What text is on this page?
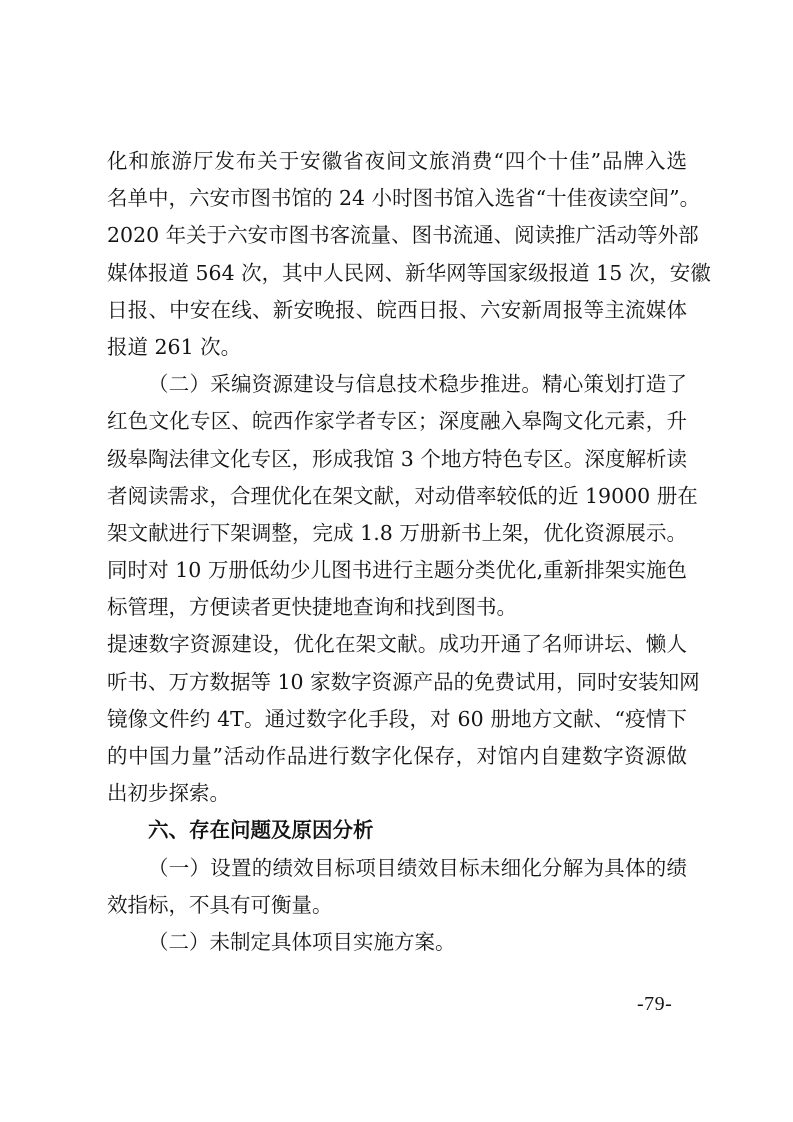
化和旅游厅发布关于安徽省夜间文旅消费“四个十佳”品牌入选
名单中，六安市图书馆的 24 小时图书馆入选省“十佳夜读空间”。
2020 年关于六安市图书客流量、图书流通、阅读推广活动等外部
媒体报道 564 次，其中人民网、新华网等国家级报道 15 次，安徽
日报、中安在线、新安晚报、皖西日报、六安新周报等主流媒体
报道 261 次。
（二）采编资源建设与信息技术稳步推进。精心策划打造了
红色文化专区、皖西作家学者专区；深度融入皋陶文化元素，升
级皋陶法律文化专区，形成我馆 3 个地方特色专区。深度解析读
者阅读需求，合理优化在架文献，对动借率较低的近 19000 册在
架文献进行下架调整，完成 1.8 万册新书上架，优化资源展示。
同时对 10 万册低幼少儿图书进行主题分类优化,重新排架实施色
标管理，方便读者更快捷地查询和找到图书。
提速数字资源建设，优化在架文献。成功开通了名师讲坛、懒人
听书、万方数据等 10 家数字资源产品的免费试用，同时安装知网
镜像文件约 4T。通过数字化手段，对 60 册地方文献、“疫情下
的中国力量”活动作品进行数字化保存，对馆内自建数字资源做
出初步探索。
六、存在问题及原因分析
（一）设置的绩效目标项目绩效目标未细化分解为具体的绩
效指标，不具有可衡量。
（二）未制定具体项目实施方案。
-79-
